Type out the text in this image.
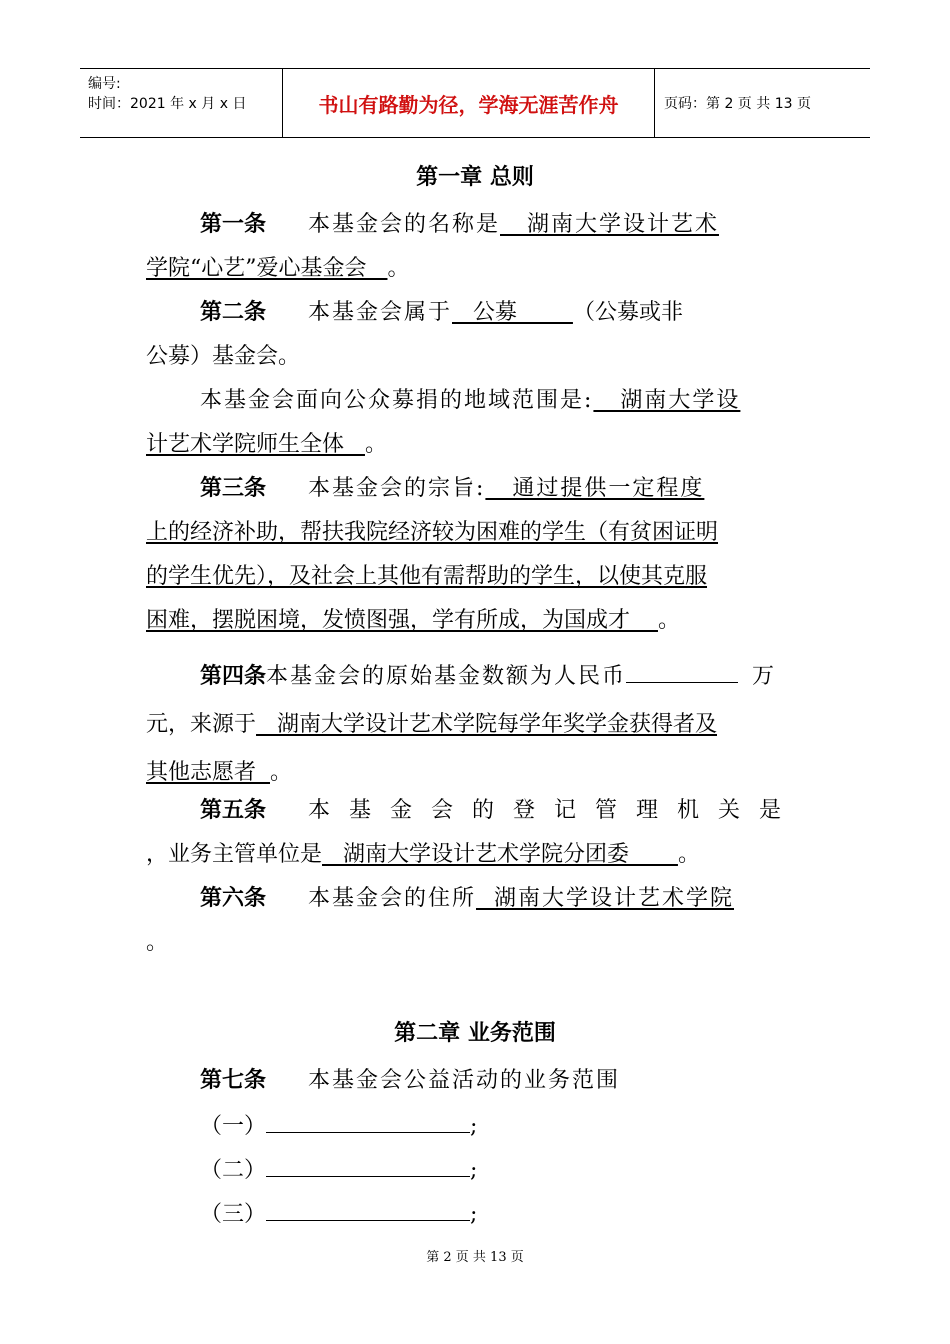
编号:
时间：2021 年 x 月 x 日	书山有路勤为径，学海无涯苦作舟	页码：第 2 页 共 13 页
第一章 总则
第一条 本基金会的名称是   湖南大学设计艺术
学院“心艺”爱心基金会   。
第二条 本基金会属于   公募        （公募或非
公募）基金会。
本基金会面向公众募捐的地域范围是:   湖南大学设
计艺术学院师生全体   。
第三条 本基金会的宗旨:   通过提供一定程度
上的经济补助，帮扶我院经济较为困难的学生（有贫困证明
的学生优先），及社会上其他有需帮助的学生，以使其克服
困难，摆脱困境，发愤图强，学有所成，为国成才    。
第四条本基金会的原始基金数额为人民币	万
元，来源于   湖南大学设计艺术学院每学年奖学金获得者及
其他志愿者  。
第五条 本基金会的登记管理机关是
，业务主管单位是   湖南大学设计艺术学院分团委       。
第六条 本基金会的住所  湖南大学设计艺术学院
。
第二章 业务范围
第七条 本基金会公益活动的业务范围
（一）	;
（二）	;
（三）	;
第 2 页 共 13 页
